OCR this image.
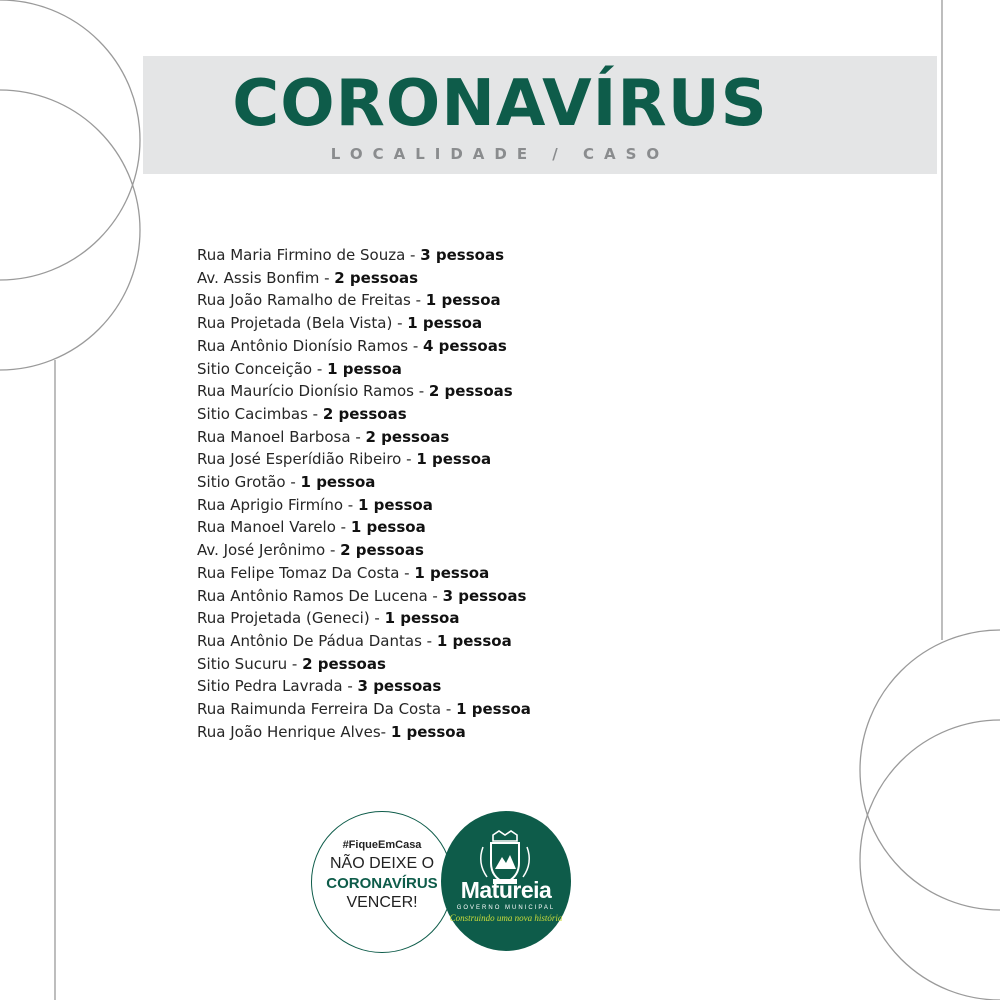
CORONAVÍRUS
LOCALIDADE / CASO
Rua Maria Firmino de Souza - 3 pessoas
Av. Assis Bonfim - 2 pessoas
Rua João Ramalho de Freitas - 1 pessoa
Rua Projetada (Bela Vista) - 1 pessoa
Rua Antônio Dionísio Ramos - 4 pessoas
Sitio Conceição - 1 pessoa
Rua Maurício Dionísio Ramos - 2 pessoas
Sitio Cacimbas - 2 pessoas
Rua Manoel Barbosa - 2 pessoas
Rua José Esperídião Ribeiro - 1 pessoa
Sitio Grotão - 1 pessoa
Rua Aprigio Firmíno - 1 pessoa
Rua Manoel Varelo - 1 pessoa
Av. José Jerônimo - 2 pessoas
Rua Felipe Tomaz Da Costa - 1 pessoa
Rua Antônio Ramos De Lucena - 3 pessoas
Rua Projetada (Geneci) - 1 pessoa
Rua Antônio De Pádua Dantas - 1 pessoa
Sitio Sucuru - 2 pessoas
Sitio Pedra Lavrada - 3 pessoas
Rua Raimunda Ferreira Da Costa - 1 pessoa
Rua João Henrique Alves- 1 pessoa
#FiqueEmCasa
NÃO DEIXE O
CORONAVÍRUS
VENCER!	Matureia
GOVERNO MUNICIPAL
Construindo uma nova história
